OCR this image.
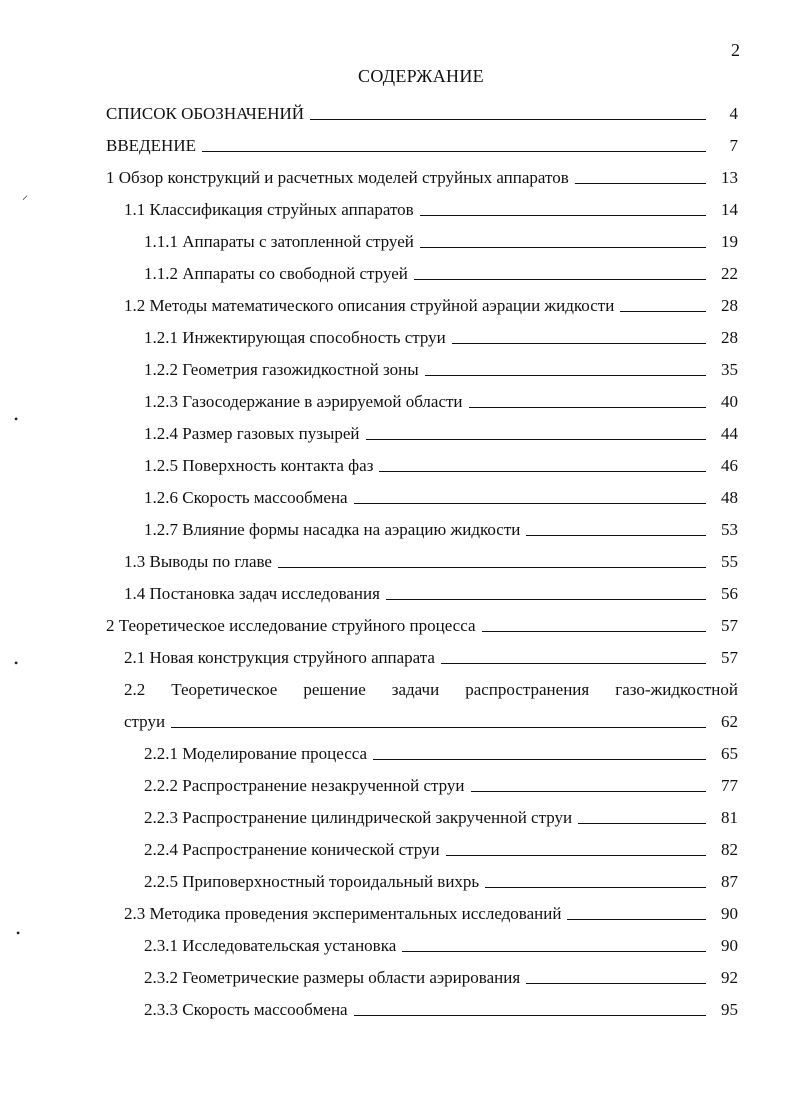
2
СОДЕРЖАНИЕ
СПИСОК ОБОЗНАЧЕНИЙ	4
ВВЕДЕНИЕ	7
1 Обзор конструкций и расчетных моделей струйных аппаратов	13
1.1 Классификация струйных аппаратов	14
1.1.1 Аппараты с затопленной струей	19
1.1.2 Аппараты со свободной струей	22
1.2 Методы математического описания струйной аэрации жидкости	28
1.2.1 Инжектирующая способность струи	28
1.2.2 Геометрия газожидкостной зоны	35
1.2.3 Газосодержание в аэрируемой области	40
1.2.4 Размер газовых пузырей	44
1.2.5 Поверхность контакта фаз	46
1.2.6 Скорость массообмена	48
1.2.7 Влияние формы насадка на аэрацию жидкости	53
1.3 Выводы по главе	55
1.4 Постановка задач исследования	56
2 Теоретическое исследование струйного процесса	57
2.1 Новая конструкция струйного аппарата	57
2.2 Теоретическое решение задачи распространения газо-жидкостной
струи	62
2.2.1 Моделирование процесса	65
2.2.2 Распространение незакрученной струи	77
2.2.3 Распространение цилиндрической закрученной струи	81
2.2.4 Распространение конической струи	82
2.2.5 Приповерхностный тороидальный вихрь	87
2.3 Методика проведения экспериментальных исследований	90
2.3.1 Исследовательская установка	90
2.3.2 Геометрические размеры области аэрирования	92
2.3.3 Скорость массообмена	95
⸝
•
•
•
